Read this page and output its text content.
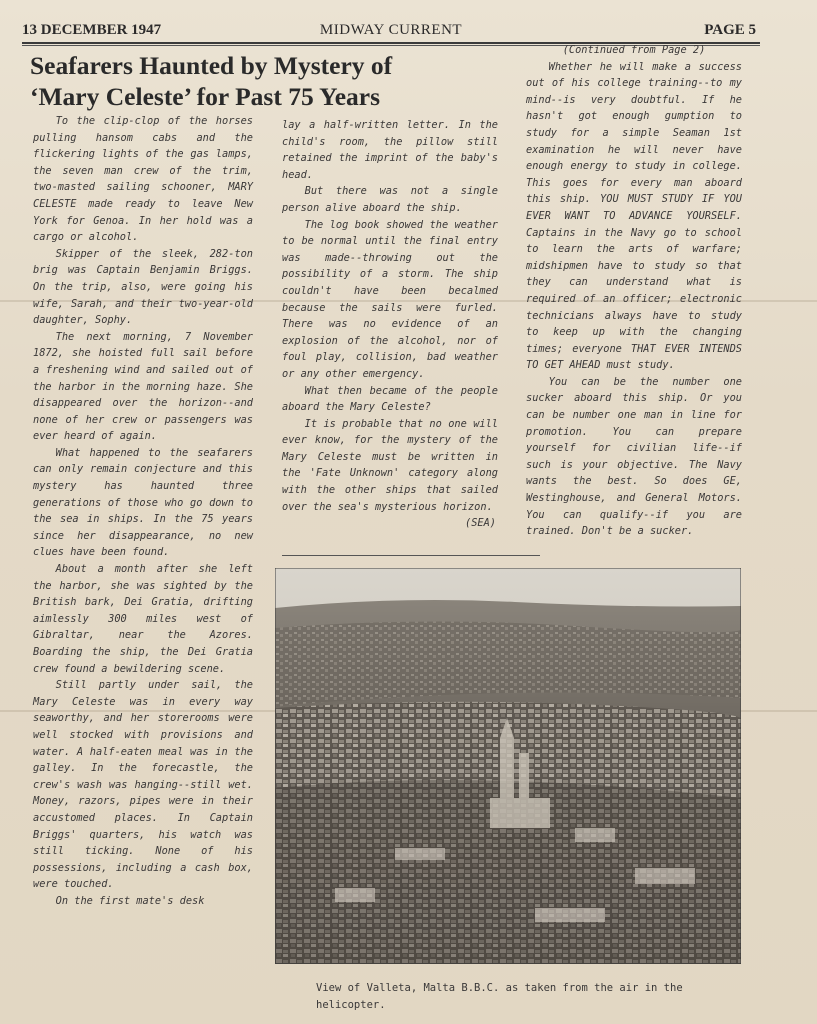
13 DECEMBER 1947	MIDWAY CURRENT	PAGE 5
Seafarers Haunted by Mystery of
‘Mary Celeste’ for Past 75 Years

To the clip-clop of the horses pulling hansom cabs and the flickering lights of the gas lamps, the seven man crew of the trim, two-masted sailing schooner, MARY CELESTE made ready to leave New York for Genoa. In her hold was a cargo or alcohol.

Skipper of the sleek, 282-ton brig was Captain Benjamin Briggs. On the trip, also, were going his wife, Sarah, and their two-year-old daughter, Sophy.

The next morning, 7 November 1872, she hoisted full sail before a freshening wind and sailed out of the harbor in the morning haze. She disappeared over the horizon--and none of her crew or passengers was ever heard of again.

What happened to the seafarers can only remain conjecture and this mystery has haunted three generations of those who go down to the sea in ships. In the 75 years since her disappearance, no new clues have been found.

About a month after she left the harbor, she was sighted by the British bark, Dei Gratia, drifting aimlessly 300 miles west of Gibraltar, near the Azores. Boarding the ship, the Dei Gratia crew found a bewildering scene.

Still partly under sail, the Mary Celeste was in every way seaworthy, and her storerooms were well stocked with provisions and water. A half-eaten meal was in the galley. In the forecastle, the crew's wash was hanging--still wet. Money, razors, pipes were in their accustomed places. In Captain Briggs' quarters, his watch was still ticking. None of his possessions, including a cash box, were touched.

On the first mate's desk

lay a half-written letter. In the child's room, the pillow still retained the imprint of the baby's head.

But there was not a single person alive aboard the ship.

The log book showed the weather to be normal until the final entry was made--throwing out the possibility of a storm. The ship couldn't have been becalmed because the sails were furled. There was no evidence of an explosion of the alcohol, nor of foul play, collision, bad weather or any other emergency.

What then became of the people aboard the Mary Celeste?

It is probable that no one will ever know, for the mystery of the Mary Celeste must be written in the 'Fate Unknown' category along with the other ships that sailed over the sea's mysterious horizon.

(SEA)

(Continued from Page 2)

Whether he will make a success out of his college training--to my mind--is very doubtful. If he hasn't got enough gumption to study for a simple Seaman 1st examination he will never have enough energy to study in college. This goes for every man aboard this ship. YOU MUST STUDY IF YOU EVER WANT TO ADVANCE YOURSELF. Captains in the Navy go to school to learn the arts of warfare; midshipmen have to study so that they can understand what is required of an officer; electronic technicians always have to study to keep up with the changing times; everyone THAT EVER INTENDS TO GET AHEAD must study.

You can be the number one sucker aboard this ship. Or you can be number one man in line for promotion. You can prepare yourself for civilian life--if such is your objective. The Navy wants the best. So does GE, Westinghouse, and General Motors. You can qualify--if you are trained. Don't be a sucker.

View of Valleta, Malta B.B.C. as taken from the air in the helicopter.
